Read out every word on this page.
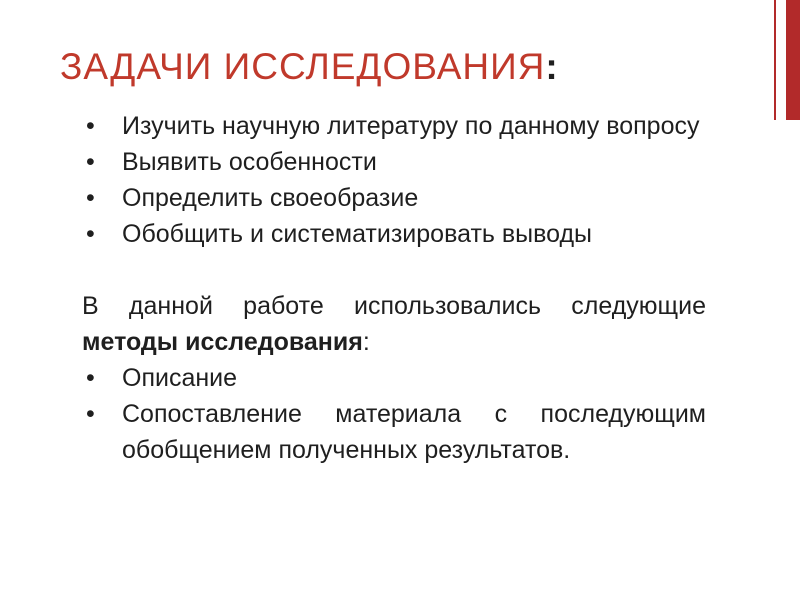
ЗАДАЧИ ИССЛЕДОВАНИЯ:
• Изучить научную литературу по данному вопросу
• Выявить особенности
• Определить своеобразие
• Обобщить и систематизировать выводы

В данной работе использовались следующие методы исследования:

• Описание
• Сопоставление материала с последующим обобщением полученных результатов.
